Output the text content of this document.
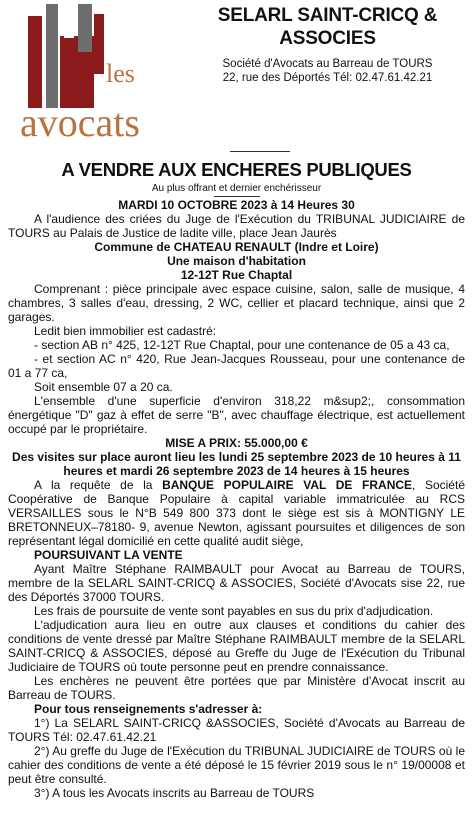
les
avocats
SELARL SAINT-CRICQ &
ASSOCIES
Société d'Avocats au Barreau de TOURS
22, rue des Déportés Tél: 02.47.61.42.21
A VENDRE AUX ENCHERES PUBLIQUES
Au plus offrant et dernier enchérisseur
MARDI 10 OCTOBRE 2023 à 14 Heures 30

A l'audience des criées du Juge de l'Exécution du TRIBUNAL JUDICIAIRE de TOURS au Palais de Justice de ladite ville, place Jean Jaurès

Commune de CHATEAU RENAULT (Indre et Loire)
Une maison d'habitation
12-12T Rue Chaptal

Comprenant : pièce principale avec espace cuisine, salon, salle de musique, 4 chambres, 3 salles d'eau, dressing, 2 WC, cellier et placard technique, ainsi que 2 garages.

Ledit bien immobilier est cadastré:

- section AB n° 425, 12-12T Rue Chaptal, pour une contenance de 05 a 43 ca,

- et section AC n° 420, Rue Jean-Jacques Rousseau, pour une contenance de 01 a 77 ca,

Soit ensemble 07 a 20 ca.

L'ensemble d'une superficie d'environ 318,22 m&sup2;, consommation énergétique "D" gaz à effet de serre "B", avec chauffage électrique, est actuellement occupé par le propriétaire.

MISE A PRIX: 55.000,00 €
Des visites sur place auront lieu les lundi 25 septembre 2023 de 10 heures à 11 heures et mardi 26 septembre 2023 de 14 heures à 15 heures

A la requête de la BANQUE POPULAIRE VAL DE FRANCE, Société Coopérative de Banque Populaire à capital variable immatriculée au RCS VERSAILLES sous le N°B 549 800 373 dont le siège est sis à MONTIGNY LE BRETONNEUX–78180- 9, avenue Newton, agissant poursuites et diligences de son représentant légal domicilié en cette qualité audit siège,

POURSUIVANT LA VENTE

Ayant Maître Stéphane RAIMBAULT pour Avocat au Barreau de TOURS, membre de la SELARL SAINT-CRICQ & ASSOCIES, Société d'Avocats sise 22, rue des Déportés 37000 TOURS.

Les frais de poursuite de vente sont payables en sus du prix d'adjudication.

L'adjudication aura lieu en outre aux clauses et conditions du cahier des conditions de vente dressé par Maître Stéphane RAIMBAULT membre de la SELARL SAINT-CRICQ & ASSOCIES, déposé au Greffe du Juge de l'Exécution du Tribunal Judiciaire de TOURS où toute personne peut en prendre connaissance.

Les enchères ne peuvent être portées que par Ministère d'Avocat inscrit au Barreau de TOURS.

Pour tous renseignements s'adresser à:

1°) La SELARL SAINT-CRICQ &ASSOCIES, Société d'Avocats au Barreau de TOURS Tél: 02.47.61.42.21

2°) Au greffe du Juge de l'Exécution du TRIBUNAL JUDICIAIRE de TOURS où le cahier des conditions de vente a été déposé le 15 février 2019 sous le n° 19/00008 et peut être consulté.

3°) A tous les Avocats inscrits au Barreau de TOURS
